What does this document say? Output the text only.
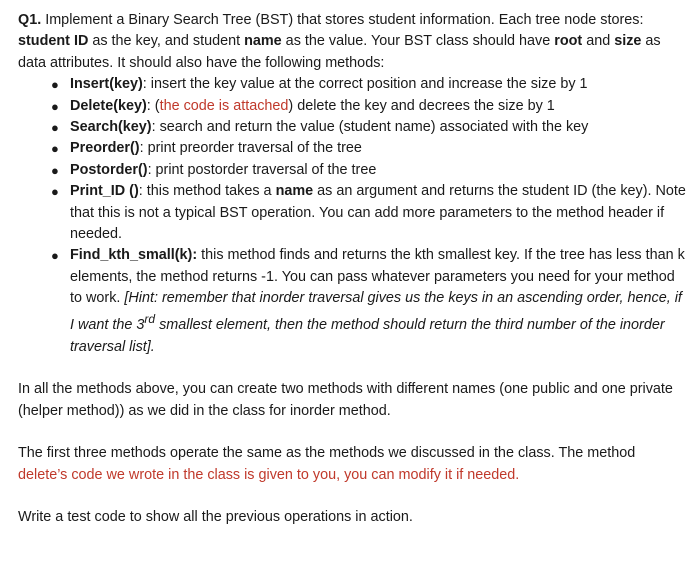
Q1. Implement a Binary Search Tree (BST) that stores student information. Each tree node stores: student ID as the key, and student name as the value. Your BST class should have root and size as data attributes. It should also have the following methods:

● Insert(key): insert the key value at the correct position and increase the size by 1
● Delete(key): (the code is attached) delete the key and decrees the size by 1
● Search(key): search and return the value (student name) associated with the key
● Preorder(): print preorder traversal of the tree
● Postorder(): print postorder traversal of the tree
● Print_ID (): this method takes a name as an argument and returns the student ID (the key). Note that this is not a typical BST operation. You can add more parameters to the method header if needed.
● Find_kth_small(k): this method finds and returns the kth smallest key. If the tree has less than k elements, the method returns -1. You can pass whatever parameters you need for your method to work. [Hint: remember that inorder traversal gives us the keys in an ascending order, hence, if I want the 3rd smallest element, then the method should return the third number of the inorder traversal list].

In all the methods above, you can create two methods with different names (one public and one private (helper method)) as we did in the class for inorder method.

The first three methods operate the same as the methods we discussed in the class. The method delete’s code we wrote in the class is given to you, you can modify it if needed.

Write a test code to show all the previous operations in action.
